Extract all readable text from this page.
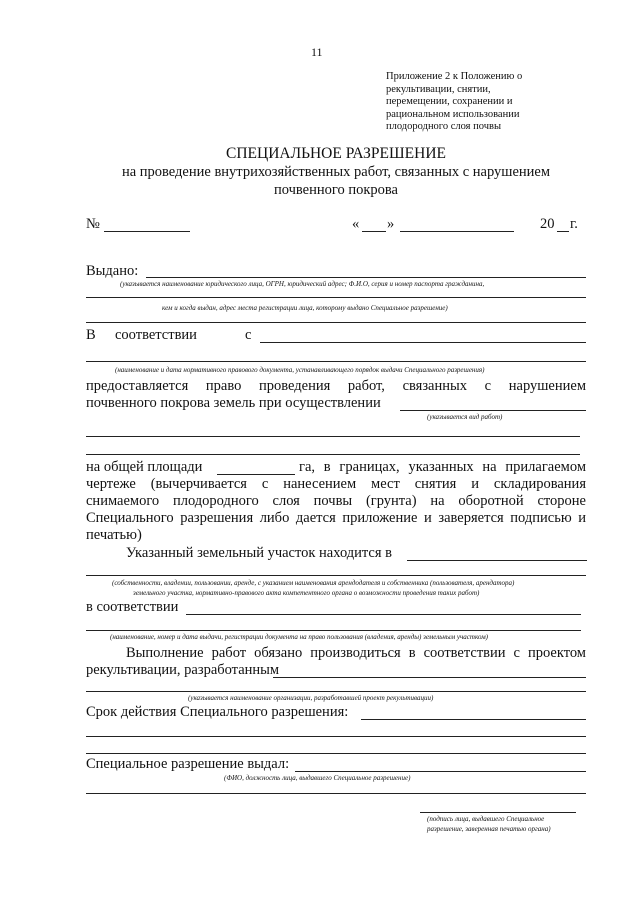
11
Приложение 2 к Положению о
рекультивации, снятии,
перемещении, сохранении и
рациональном использовании
плодородного слоя почвы
СПЕЦИАЛЬНОЕ РАЗРЕШЕНИЕ
на проведение внутрихозяйственных работ, связанных с нарушением
почвенного покрова
№	« »	20 г.
Выдано:
(указывается наименование юридического лица, ОГРН, юридический адрес; Ф.И.О, серия и номер паспорта гражданина,
кем и когда выдан, адрес места регистрации лица, которому выдано Специальное разрешение)
В соответствии	с
(наименование и дата нормативного правового документа, устанавливающего порядок выдачи Специального разрешения)
предоставляется право проведения работ, связанных с нарушением
почвенного покрова земель при осуществлении
(указывается вид работ)
на общей площади	га, в границах, указанных на прилагаемом
чертеже (вычерчивается с нанесением мест снятия и складирования
снимаемого плодородного слоя почвы (грунта) на оборотной стороне
Специального разрешения либо дается приложение и заверяется подписью и
печатью)
Указанный земельный участок находится в
(собственности, владении, пользовании, аренде, с указанием наименования арендодателя и собственника (пользователя, арендатора)
земельного участка, нормативно-правового акта компетентного органа о возможности проведения таких работ)
в соответствии
(наименование, номер и дата выдачи, регистрации документа на право пользования (владения, аренды) земельным участком)
Выполнение работ обязано производиться в соответствии с проектом
рекультивации, разработанным
(указывается наименование организации, разработавшей проект рекультивации)
Срок действия Специального разрешения:
Специальное разрешение выдал:
(ФИО, должность лица, выдавшего Специальное разрешение)
(подпись лица, выдавшего Специальное
разрешение, заверенная печатью органа)
